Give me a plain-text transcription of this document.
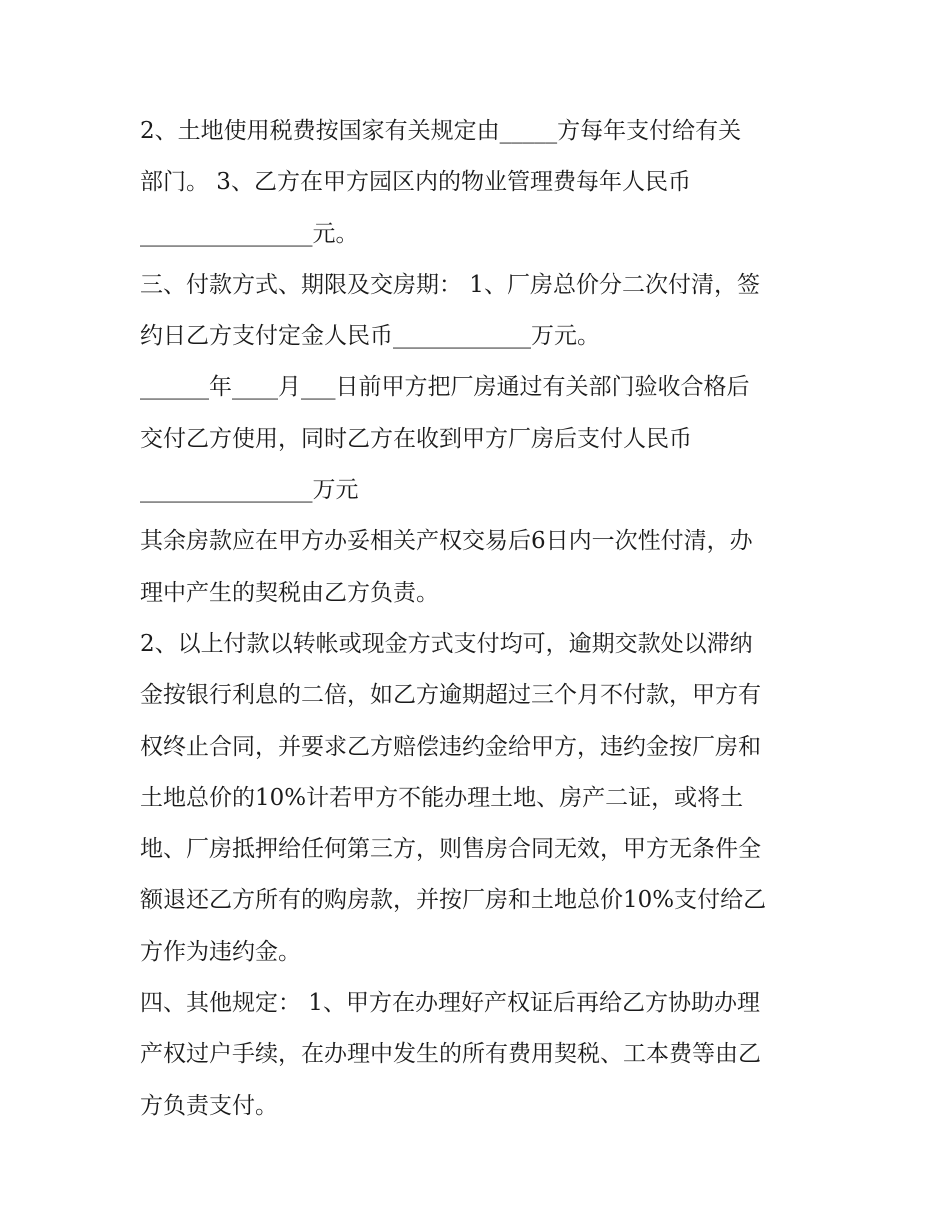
2、土地使用税费按国家有关规定由_____方每年支付给有关
部门。 3、乙方在甲方园区内的物业管理费每年人民币
_______________元。
三、付款方式、期限及交房期： 1、厂房总价分二次付清，签
约日乙方支付定金人民币____________万元。
______年____月___日前甲方把厂房通过有关部门验收合格后
交付乙方使用，同时乙方在收到甲方厂房后支付人民币
_______________万元
其余房款应在甲方办妥相关产权交易后6日内一次性付清，办
理中产生的契税由乙方负责。
2、以上付款以转帐或现金方式支付均可，逾期交款处以滞纳
金按银行利息的二倍，如乙方逾期超过三个月不付款，甲方有
权终止合同，并要求乙方赔偿违约金给甲方，违约金按厂房和
土地总价的10%计若甲方不能办理土地、房产二证，或将土
地、厂房抵押给任何第三方，则售房合同无效，甲方无条件全
额退还乙方所有的购房款，并按厂房和土地总价10%支付给乙
方作为违约金。
四、其他规定： 1、甲方在办理好产权证后再给乙方协助办理
产权过户手续，在办理中发生的所有费用契税、工本费等由乙
方负责支付。
